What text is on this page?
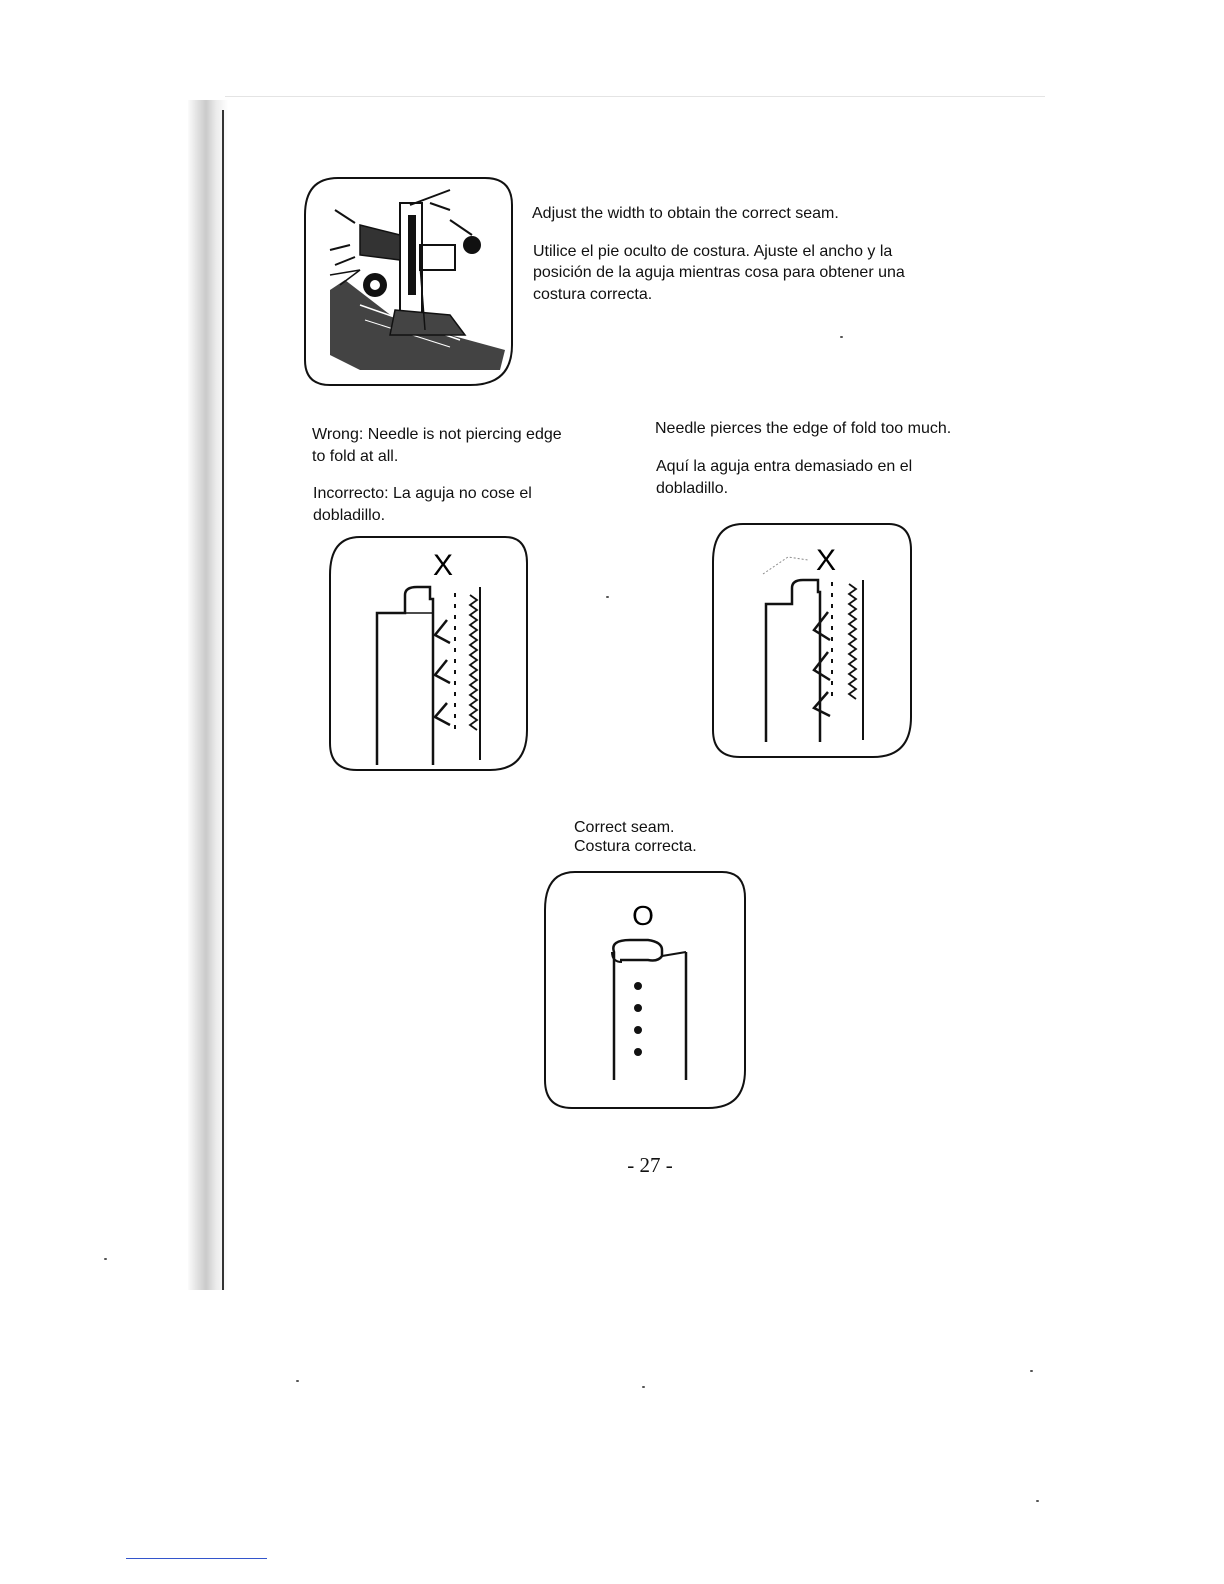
Adjust the width to obtain the correct seam.

Utilice el pie oculto de costura. Ajuste el ancho y la

posición de la aguja mientras cosa para obtener una

costura correcta.

Wrong: Needle is not piercing edge

to fold at all.

Incorrecto: La aguja no cose el

dobladillo.

Needle pierces the edge of fold too much.

Aquí la aguja entra demasiado en el

dobladillo.

X	X

Correct seam.

Costura correcta.

O
- 27 -
